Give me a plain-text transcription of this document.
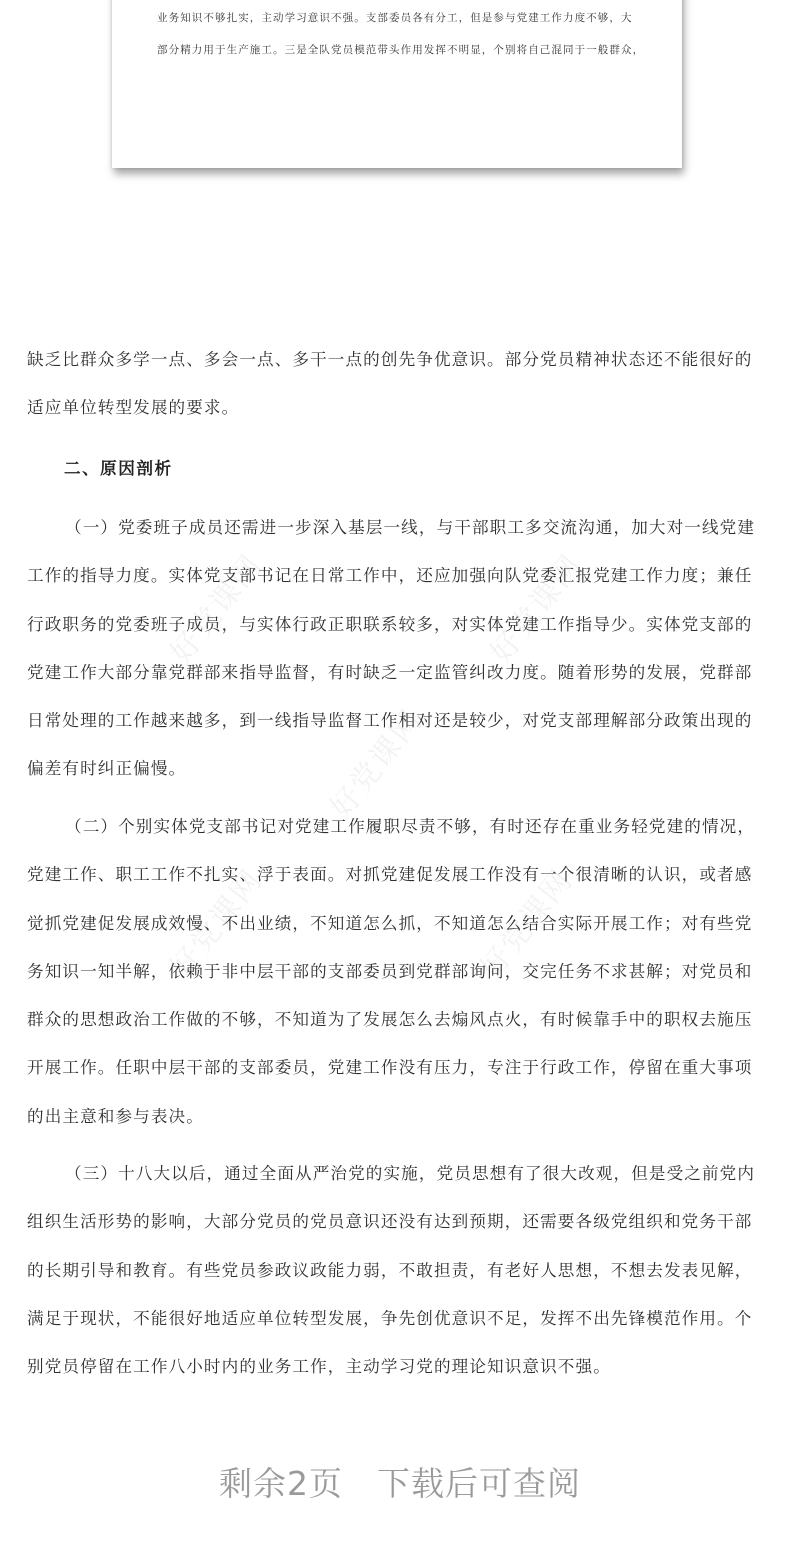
业务知识不够扎实，主动学习意识不强。支部委员各有分工，但是参与党建工作力度不够，大
部分精力用于生产施工。三是全队党员模范带头作用发挥不明显，个别将自己混同于一般群众，
好党课网	好党课网
好党课网
好党课网	好党课网
缺乏比群众多学一点、多会一点、多干一点的创先争优意识。部分党员精神状态还不能很好的
适应单位转型发展的要求。
二、原因剖析
（一）党委班子成员还需进一步深入基层一线，与干部职工多交流沟通，加大对一线党建
工作的指导力度。实体党支部书记在日常工作中，还应加强向队党委汇报党建工作力度；兼任
行政职务的党委班子成员，与实体行政正职联系较多，对实体党建工作指导少。实体党支部的
党建工作大部分靠党群部来指导监督，有时缺乏一定监管纠改力度。随着形势的发展，党群部
日常处理的工作越来越多，到一线指导监督工作相对还是较少，对党支部理解部分政策出现的
偏差有时纠正偏慢。
（二）个别实体党支部书记对党建工作履职尽责不够，有时还存在重业务轻党建的情况，
党建工作、职工工作不扎实、浮于表面。对抓党建促发展工作没有一个很清晰的认识，或者感
觉抓党建促发展成效慢、不出业绩，不知道怎么抓，不知道怎么结合实际开展工作；对有些党
务知识一知半解，依赖于非中层干部的支部委员到党群部询问，交完任务不求甚解；对党员和
群众的思想政治工作做的不够，不知道为了发展怎么去煽风点火，有时候靠手中的职权去施压
开展工作。任职中层干部的支部委员，党建工作没有压力，专注于行政工作，停留在重大事项
的出主意和参与表决。
（三）十八大以后，通过全面从严治党的实施，党员思想有了很大改观，但是受之前党内
组织生活形势的影响，大部分党员的党员意识还没有达到预期，还需要各级党组织和党务干部
的长期引导和教育。有些党员参政议政能力弱，不敢担责，有老好人思想，不想去发表见解，
满足于现状，不能很好地适应单位转型发展，争先创优意识不足，发挥不出先锋模范作用。个
别党员停留在工作八小时内的业务工作，主动学习党的理论知识意识不强。
剩余2页 下载后可查阅
